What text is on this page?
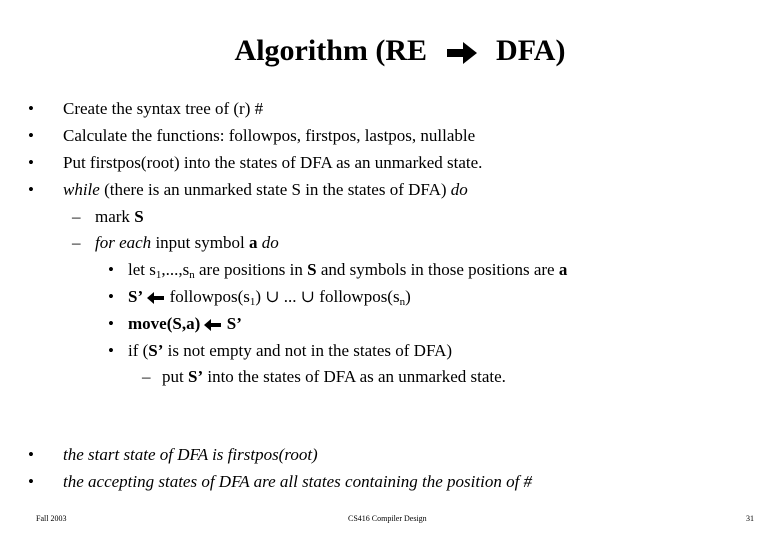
Algorithm (RE DFA)
• Create the syntax tree of (r) #
• Calculate the functions: followpos, firstpos, lastpos, nullable
• Put firstpos(root) into the states of DFA as an unmarked state.
• while (there is an unmarked state S in the states of DFA) do
– mark S
– for each input symbol a do
• let $s_1,...,s_n$ are positions in S and symbols in those positions are a
• S’  $followpos(s_1)$ ∪ ... ∪ $followpos(s_n)$
• move(S,a)  S’
• if (S’ is not empty and not in the states of DFA)
– put S’ into the states of DFA as an unmarked state.
• the start state of DFA is firstpos(root)
• the accepting states of DFA are all states containing the position of #
Fall 2003	CS416 Compiler Design	31
